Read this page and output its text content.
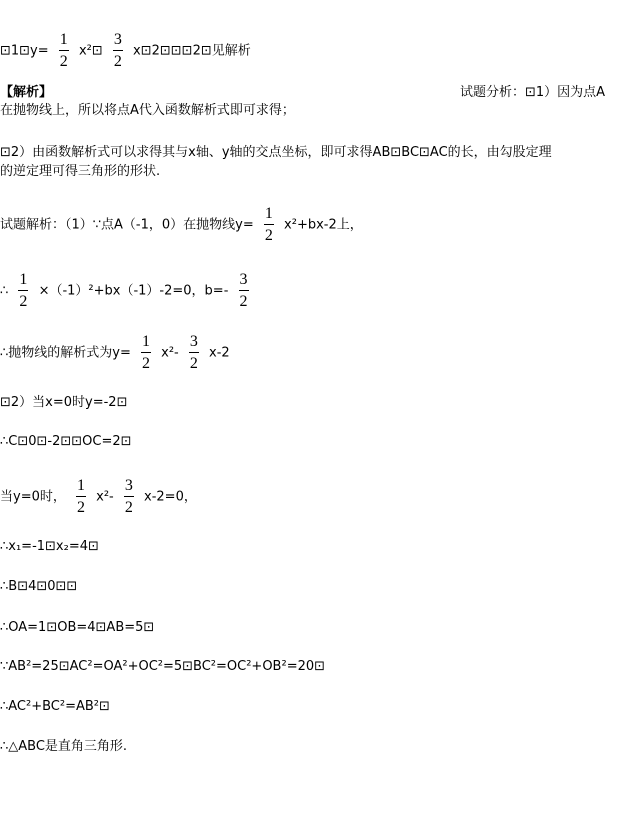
⊡1⊡y= $\frac{1}{2}$ x²⊡ $\frac{3}{2}$ x⊡2⊡⊡⊡2⊡见解析
【解析】	试题分析：⊡1）因为点A
在抛物线上，所以将点A代入函数解析式即可求得；
⊡2）由函数解析式可以求得其与x轴、y轴的交点坐标，即可求得AB⊡BC⊡AC的长，由勾股定理
的逆定理可得三角形的形状.
试题解析：（1）∵点A（-1，0）在抛物线$y= \frac{1}{2} x^2+bx-2$上，
∴ $\frac{1}{2} \times(-1)^2+bx(-1)-2=0$，$b=- \frac{3}{2}$
∴抛物线的解析式为$y= \frac{1}{2} x^2- \frac{3}{2} x-2$
⊡2）当x=0时y=-2⊡
∴C⊡0⊡-2⊡⊡OC=2⊡
当y=0时， $\frac{1}{2} x^2- \frac{3}{2} x-2=0$，
∴x₁=-1⊡x₂=4⊡
∴B⊡4⊡0⊡⊡
∴OA=1⊡OB=4⊡AB=5⊡
∵AB²=25⊡AC²=OA²+OC²=5⊡BC²=OC²+OB²=20⊡
∴AC²+BC²=AB²⊡
∴△ABC是直角三角形.
